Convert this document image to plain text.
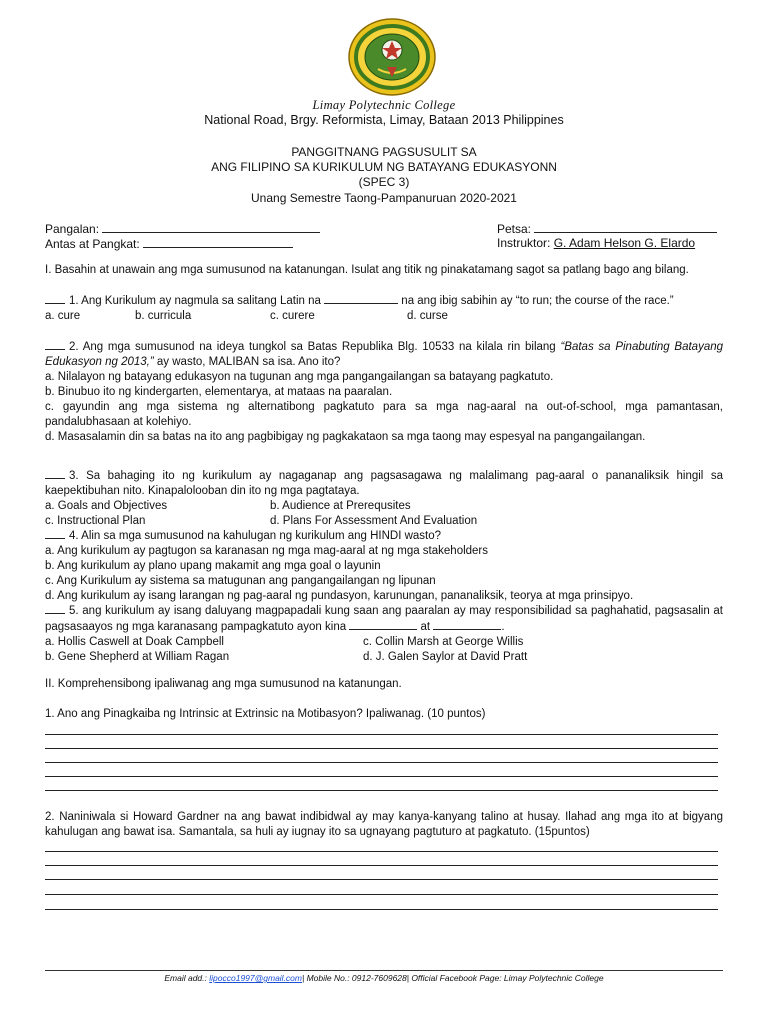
Limay Polytechnic College
National Road, Brgy. Reformista, Limay, Bataan 2013 Philippines
PANGGITNANG PAGSUSULIT SA
ANG FILIPINO SA KURIKULUM NG BATAYANG EDUKASYONN
(SPEC 3)
Unang Semestre Taong-Pampanuruan 2020-2021
Pangalan:
Antas at Pangkat:
Petsa:
Instruktor: G. Adam Helson G. Elardo
I. Basahin at unawain ang mga sumusunod na katanungan. Isulat ang titik ng pinakatamang sagot sa patlang bago ang bilang.

1. Ang Kurikulum ay nagmula sa salitang Latin na	na ang ibig sabihin ay “to run; the course of the race.”

a. cure	b. curricula	c. curere	d. curse

2. Ang mga sumusunod na ideya tungkol sa Batas Republika Blg. 10533 na kilala rin bilang “Batas sa Pinabuting Batayang Edukasyon ng 2013,” ay wasto, MALIBAN sa isa. Ano ito?

a. Nilalayon ng batayang edukasyon na tugunan ang mga pangangailangan sa batayang pagkatuto.

b. Binubuo ito ng kindergarten, elementarya, at mataas na paaralan.

c. gayundin ang mga sistema ng alternatibong pagkatuto para sa mga nag-aaral na out-of-school, mga pamantasan, pandalubhasaan at kolehiyo.

d. Masasalamin din sa batas na ito ang pagbibigay ng pagkakataon sa mga taong may espesyal na pangangailangan.

3. Sa bahaging ito ng kurikulum ay nagaganap ang pagsasagawa ng malalimang pag-aaral o pananaliksik hingil sa kaepektibuhan nito. Kinapalolooban din ito ng mga pagtataya.

a. Goals and Objectives	b. Audience at Prerequsites
c. Instructional Plan	d. Plans For Assessment And Evaluation

4. Alin sa mga sumusunod na kahulugan ng kurikulum ang HINDI wasto?

a. Ang kurikulum ay pagtugon sa karanasan ng mga mag-aaral at ng mga stakeholders

b. Ang kurikulum ay plano upang makamit ang mga goal o layunin

c. Ang Kurikulum ay sistema sa matugunan ang pangangailangan ng lipunan

d. Ang kurikulum ay isang larangan ng pag-aaral ng pundasyon, karunungan, pananaliksik, teorya at mga prinsipyo.

5. ang kurikulum ay isang daluyang magpapadali kung saan ang paaralan ay may responsibilidad sa paghahatid, pagsasalin at pagsasaayos ng mga karanasang pampagkatuto ayon kina	at	.

a. Hollis Caswell at Doak Campbell	c. Collin Marsh at George Willis
b. Gene Shepherd at William Ragan	d. J. Galen Saylor at David Pratt
II. Komprehensibong ipaliwanag ang mga sumusunod na katanungan.
1. Ano ang Pinagkaiba ng Intrinsic at Extrinsic na Motibasyon? Ipaliwanag. (10 puntos)
2. Naniniwala si Howard Gardner na ang bawat indibidwal ay may kanya-kanyang talino at husay. Ilahad ang mga ito at bigyang kahulugan ang bawat isa. Samantala, sa huli ay iugnay ito sa ugnayang pagtuturo at pagkatuto. (15puntos)
Email add.: lipocco1997@gmail.com| Mobile No.: 0912-7609628| Official Facebook Page: Limay Polytechnic College
